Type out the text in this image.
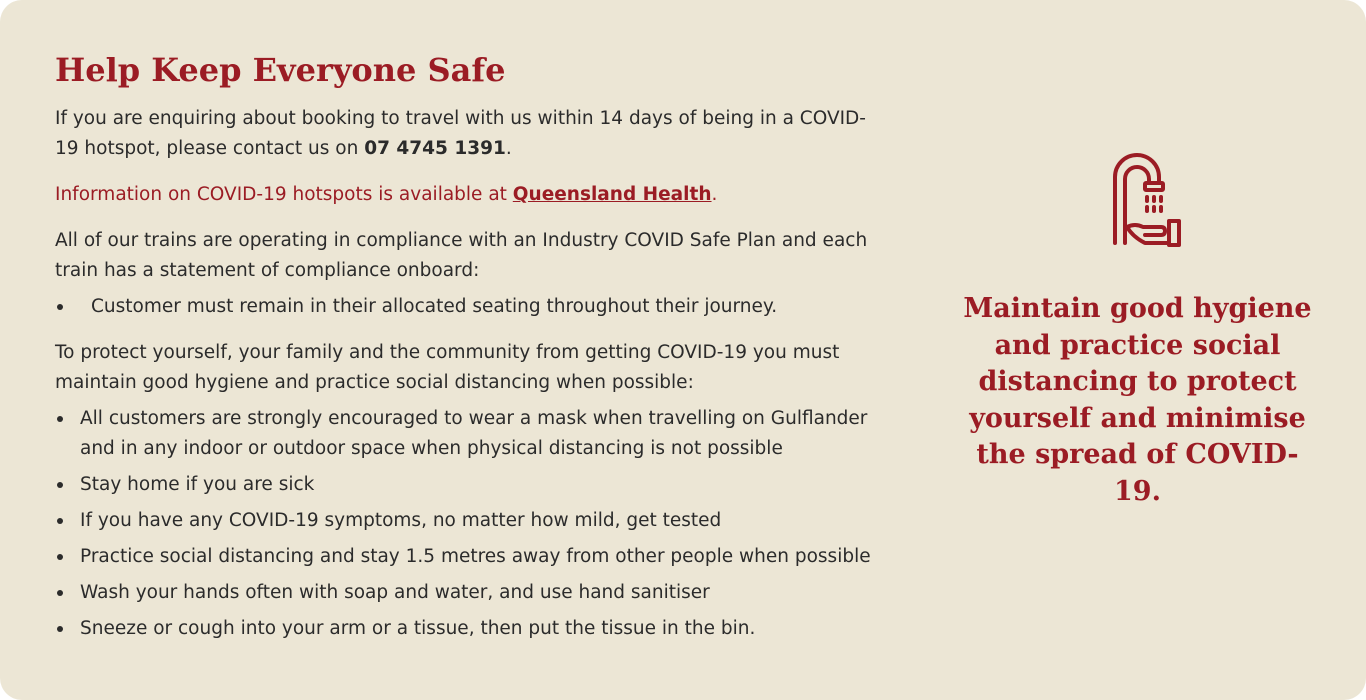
Help Keep Everyone Safe

If you are enquiring about booking to travel with us within 14 days of being in a COVID-19 hotspot, please contact us on 07 4745 1391.

Information on COVID-19 hotspots is available at Queensland Health.

All of our trains are operating in compliance with an Industry COVID Safe Plan and each train has a statement of compliance onboard:

Customer must remain in their allocated seating throughout their journey.

To protect yourself, your family and the community from getting COVID-19 you must maintain good hygiene and practice social distancing when possible:

All customers are strongly encouraged to wear a mask when travelling on Gulflander and in any indoor or outdoor space when physical distancing is not possible
Stay home if you are sick
If you have any COVID-19 symptoms, no matter how mild, get tested
Practice social distancing and stay 1.5 metres away from other people when possible
Wash your hands often with soap and water, and use hand sanitiser
Sneeze or cough into your arm or a tissue, then put the tissue in the bin.
Maintain good hygiene and practice social distancing to protect yourself and minimise the spread of COVID-19.
